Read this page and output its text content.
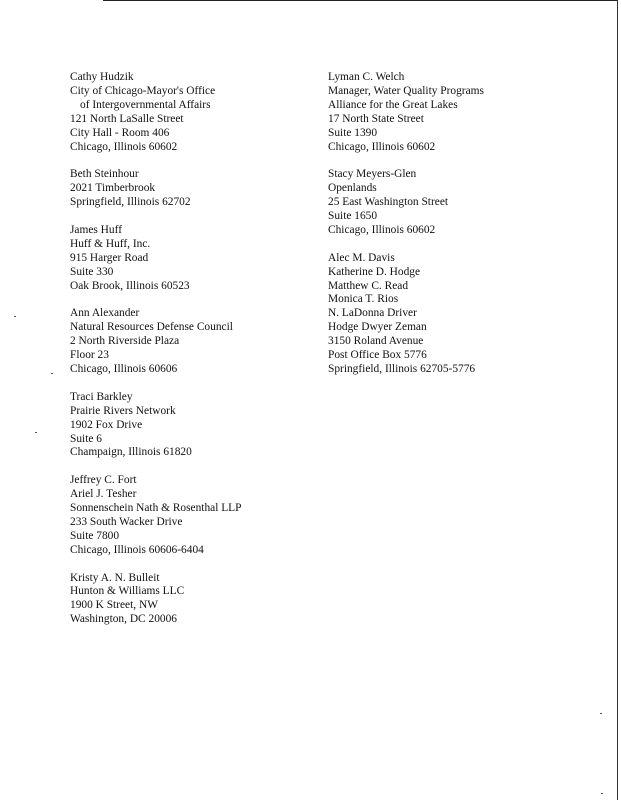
Cathy Hudzik
City of Chicago-Mayor's Office
of Intergovernmental Affairs
121 North LaSalle Street
City Hall - Room 406
Chicago, Illinois 60602
Beth Steinhour
2021 Timberbrook
Springfield, Illinois 62702
James Huff
Huff & Huff, Inc.
915 Harger Road
Suite 330
Oak Brook, Illinois 60523
Ann Alexander
Natural Resources Defense Council
2 North Riverside Plaza
Floor 23
Chicago, Illinois 60606
Traci Barkley
Prairie Rivers Network
1902 Fox Drive
Suite 6
Champaign, Illinois 61820
Jeffrey C. Fort
Ariel J. Tesher
Sonnenschein Nath & Rosenthal LLP
233 South Wacker Drive
Suite 7800
Chicago, Illinois 60606-6404
Kristy A. N. Bulleit
Hunton & Williams LLC
1900 K Street, NW
Washington, DC 20006
Lyman C. Welch
Manager, Water Quality Programs
Alliance for the Great Lakes
17 North State Street
Suite 1390
Chicago, Illinois 60602
Stacy Meyers-Glen
Openlands
25 East Washington Street
Suite 1650
Chicago, Illinois 60602
Alec M. Davis
Katherine D. Hodge
Matthew C. Read
Monica T. Rios
N. LaDonna Driver
Hodge Dwyer Zeman
3150 Roland Avenue
Post Office Box 5776
Springfield, Illinois 62705-5776
